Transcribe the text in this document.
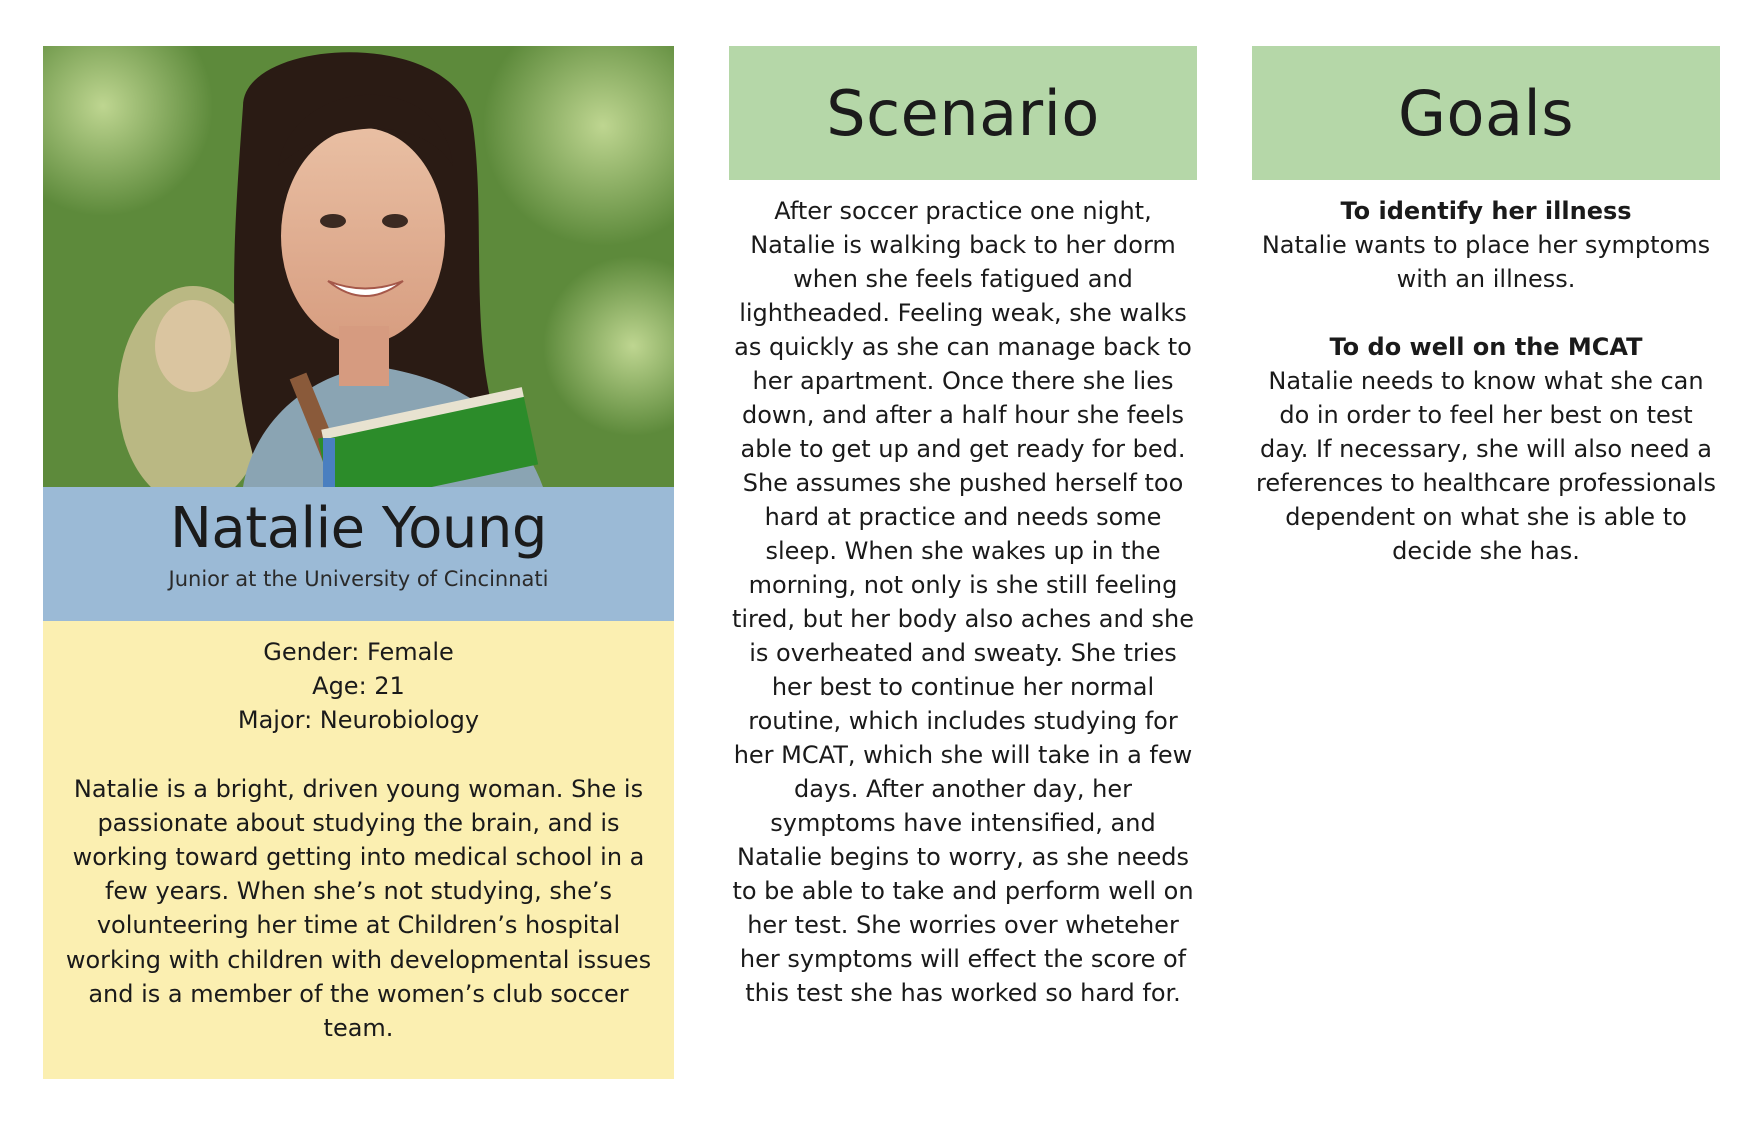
Natalie Young
Junior at the University of Cincinnati
Gender: Female
Age: 21
Major: Neurobiology

Natalie is a bright, driven young woman. She is passionate about studying the brain, and is working toward getting into medical school in a few years. When she’s not studying, she’s volunteering her time at Children’s hospital working with children with developmental issues and is a member of the women’s club soccer team.

Scenario

After soccer practice one night, Natalie is walking back to her dorm when she feels fatigued and lightheaded. Feeling weak, she walks as quickly as she can manage back to her apartment. Once there she lies down, and after a half hour she feels able to get up and get ready for bed. She assumes she pushed herself too hard at practice and needs some sleep. When she wakes up in the morning, not only is she still feeling tired, but her body also aches and she is overheated and sweaty. She tries her best to continue her normal routine, which includes studying for her MCAT, which she will take in a few days. After another day, her symptoms have intensified, and Natalie begins to worry, as she needs to be able to take and perform well on her test. She worries over wheteher her symptoms will effect the score of this test she has worked so hard for.

Goals
To identify her illness
Natalie wants to place her symptoms with an illness.
To do well on the MCAT
Natalie needs to know what she can do in order to feel her best on test day. If necessary, she will also need a references to healthcare professionals dependent on what she is able to decide she has.
